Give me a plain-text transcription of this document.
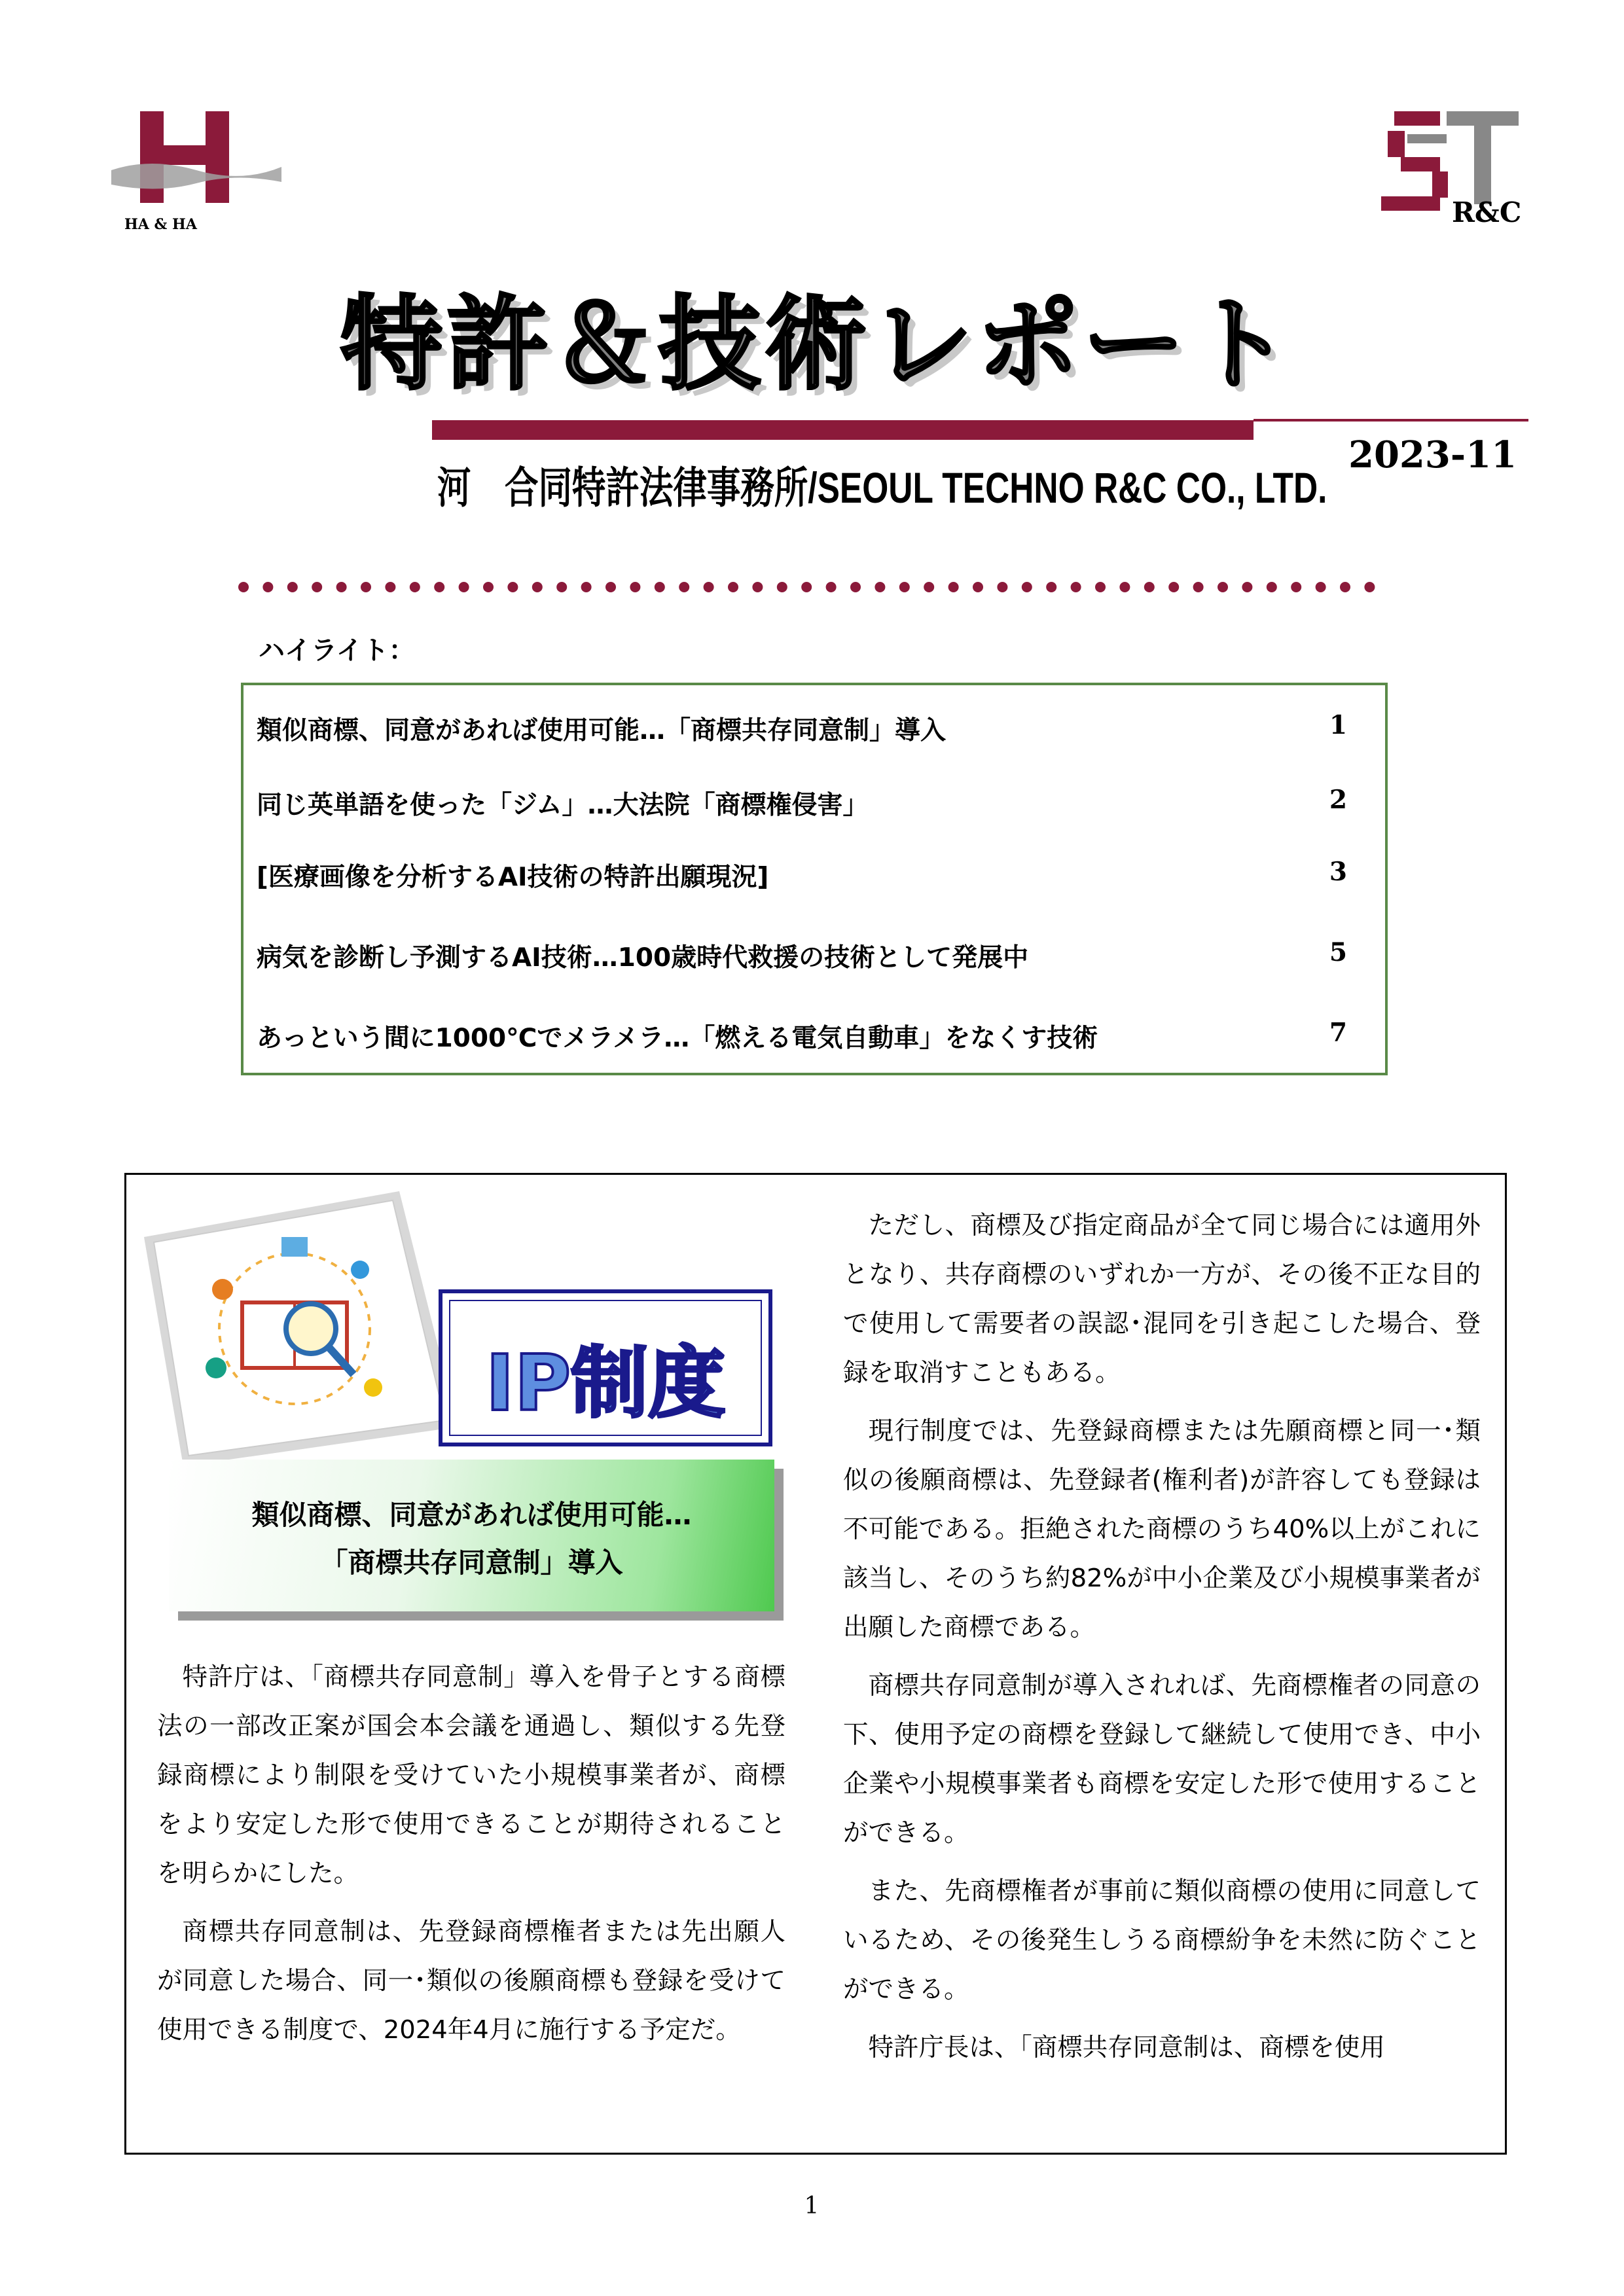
HA & HA	R&C
特許＆技術レポート
河　合同特許法律事務所/SEOUL TECHNO R&C CO., LTD.
2023-11
ハイライト：
類似商標、同意があれば使用可能…「商標共存同意制」導入	1
同じ英単語を使った「ジム」…大法院「商標権侵害」	2
[医療画像を分析するAI技術の特許出願現況]	3
病気を診断し予測するAI技術…100歳時代救援の技術として発展中	5
あっという間に1000℃でメラメラ…「燃える電気自動車」をなくす技術	7
IP制度
類似商標、同意があれば使用可能…
「商標共存同意制」導入

特許庁は、「商標共存同意制」導入を骨子とする商標法の一部改正案が国会本会議を通過し、類似する先登録商標により制限を受けていた小規模事業者が、商標をより安定した形で使用できることが期待されることを明らかにした。

商標共存同意制は、先登録商標権者または先出願人が同意した場合、同一･類似の後願商標も登録を受けて使用できる制度で、2024年4月に施行する予定だ。

ただし、商標及び指定商品が全て同じ場合には適用外となり、共存商標のいずれか一方が、その後不正な目的で使用して需要者の誤認･混同を引き起こした場合、登録を取消すこともある。

現行制度では、先登録商標または先願商標と同一･類似の後願商標は、先登録者(権利者)が許容しても登録は不可能である。拒絶された商標のうち40%以上がこれに該当し、そのうち約82%が中小企業及び小規模事業者が出願した商標である。

商標共存同意制が導入されれば、先商標権者の同意の下、使用予定の商標を登録して継続して使用でき、中小企業や小規模事業者も商標を安定した形で使用することができる。

また、先商標権者が事前に類似商標の使用に同意しているため、その後発生しうる商標紛争を未然に防ぐことができる。

特許庁長は、「商標共存同意制は、商標を使用

1
